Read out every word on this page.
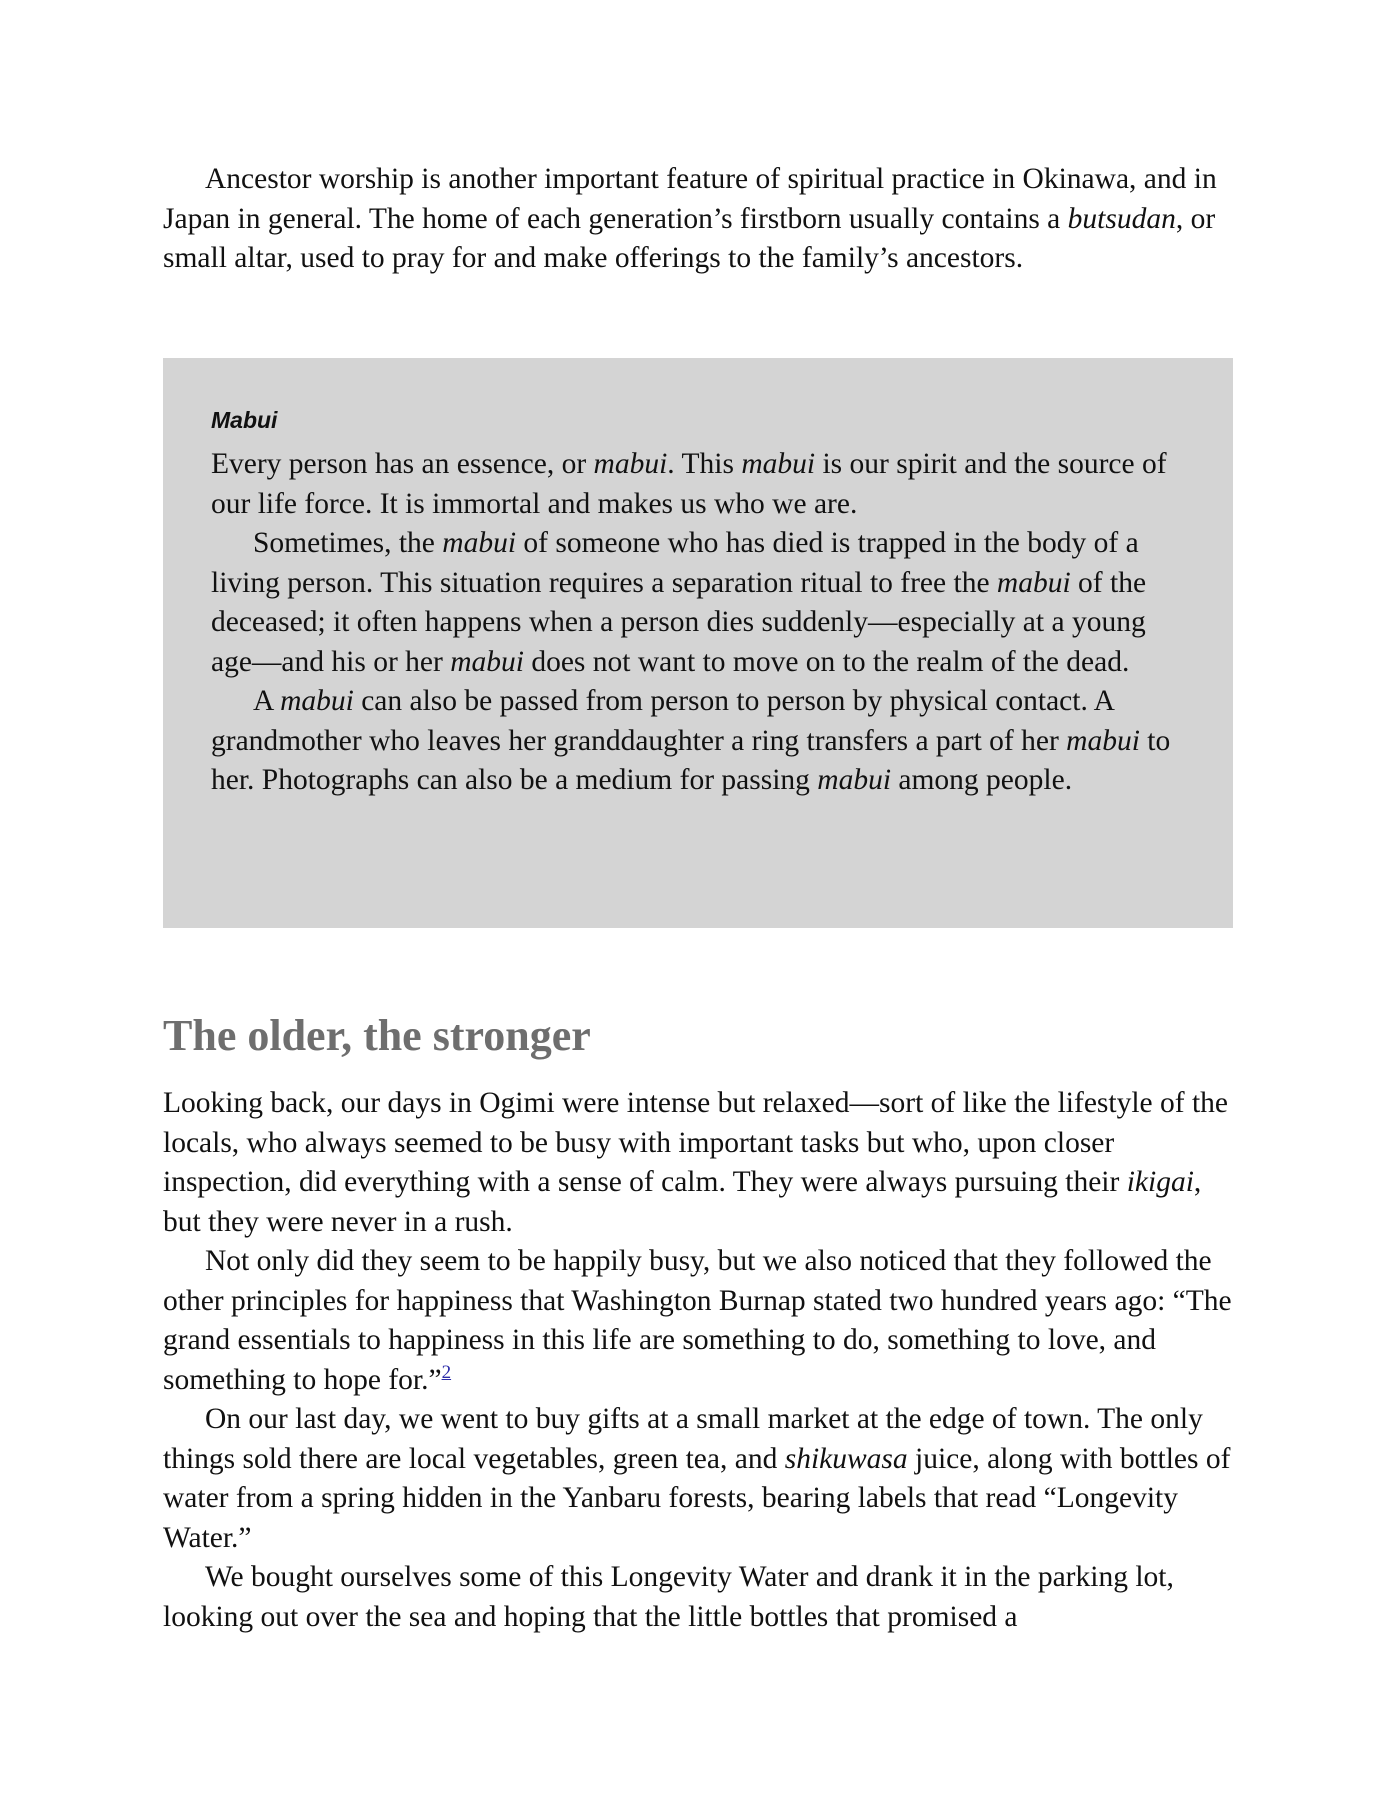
Ancestor worship is another important feature of spiritual practice in Okinawa, and in Japan in general. The home of each generation’s firstborn usually contains a butsudan, or small altar, used to pray for and make offerings to the family’s ancestors.

Mabui

Every person has an essence, or mabui. This mabui is our spirit and the source of our life force. It is immortal and makes us who we are.

Sometimes, the mabui of someone who has died is trapped in the body of a living person. This situation requires a separation ritual to free the mabui of the deceased; it often happens when a person dies suddenly—especially at a young age—and his or her mabui does not want to move on to the realm of the dead.

A mabui can also be passed from person to person by physical contact. A grandmother who leaves her granddaughter a ring transfers a part of her mabui to her. Photographs can also be a medium for passing mabui among people.

The older, the stronger

Looking back, our days in Ogimi were intense but relaxed—sort of like the lifestyle of the locals, who always seemed to be busy with important tasks but who, upon closer inspection, did everything with a sense of calm. They were always pursuing their ikigai, but they were never in a rush.

Not only did they seem to be happily busy, but we also noticed that they followed the other principles for happiness that Washington Burnap stated two hundred years ago: “The grand essentials to happiness in this life are something to do, something to love, and something to hope for.”$^2$

On our last day, we went to buy gifts at a small market at the edge of town. The only things sold there are local vegetables, green tea, and shikuwasa juice, along with bottles of water from a spring hidden in the Yanbaru forests, bearing labels that read “Longevity Water.”

We bought ourselves some of this Longevity Water and drank it in the parking lot, looking out over the sea and hoping that the little bottles that promised a
